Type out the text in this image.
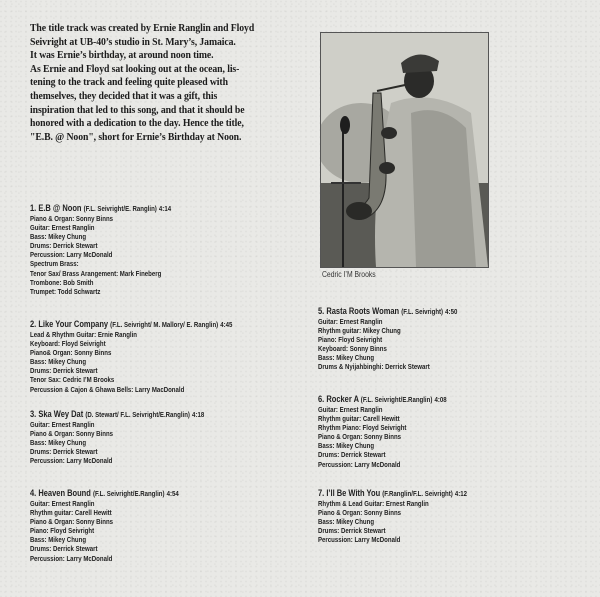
The title track was created by Ernie Ranglin and Floyd
Seivright at UB-40’s studio in St. Mary’s, Jamaica.
It was Ernie’s birthday, at around noon time.
As Ernie and Floyd sat looking out at the ocean, lis-
tening to the track and feeling quite pleased with
themselves, they decided that it was a gift, this
inspiration that led to this song, and that it should be
honored with a dedication to the day. Hence the title,
"E.B. @ Noon", short for Ernie’s Birthday at Noon.
Cedric I’M Brooks
1. E.B @ Noon (F.L. Seivright/E. Ranglin) 4:14
Piano & Organ: Sonny Binns
Guitar: Ernest Ranglin
Bass: Mikey Chung
Drums: Derrick Stewart
Percussion: Larry McDonald
Spectrum Brass:
Tenor Sax/ Brass Arangement: Mark Fineberg
Trombone: Bob Smith
Trumpet: Todd Schwartz
2. Like Your Company (F.L. Seivright/ M. Mallory/ E. Ranglin) 4:45
Lead & Rhythm Guitar: Ernie Ranglin
Keyboard: Floyd Seivright
Piano& Organ: Sonny Binns
Bass: Mikey Chung
Drums: Derrick Stewart
Tenor Sax: Cedric I’M Brooks
Percussion & Cajon & Ghawa Bells: Larry MacDonald
3. Ska Wey Dat (D. Stewart/ F.L. Seivright/E.Ranglin) 4:18
Guitar: Ernest Ranglin
Piano & Organ: Sonny Binns
Bass: Mikey Chung
Drums: Derrick Stewart
Percussion: Larry McDonald
4. Heaven Bound (F.L. Seivright/E.Ranglin) 4:54
Guitar: Ernest Ranglin
Rhythm guitar: Carell Hewitt
Piano & Organ: Sonny Binns
Piano: Floyd Seivright
Bass: Mikey Chung
Drums: Derrick Stewart
Percussion: Larry McDonald
5. Rasta Roots Woman (F.L. Seivright) 4:50
Guitar: Ernest Ranglin
Rhythm guitar: Mikey Chung
Piano: Floyd Seivright
Keyboard: Sonny Binns
Bass: Mikey Chung
Drums & Nyijahbinghi: Derrick Stewart
6. Rocker A (F.L. Seivright/E.Ranglin) 4:08
Guitar: Ernest Ranglin
Rhythm guitar: Carell Hewitt
Rhythm Piano: Floyd Seivright
Piano & Organ: Sonny Binns
Bass: Mikey Chung
Drums: Derrick Stewart
Percussion: Larry McDonald
7. I’ll Be With You (F.Ranglin/F.L. Seivright) 4:12
Rhythm & Lead Guitar: Ernest Ranglin
Piano & Organ: Sonny Binns
Bass: Mikey Chung
Drums: Derrick Stewart
Percussion: Larry McDonald
